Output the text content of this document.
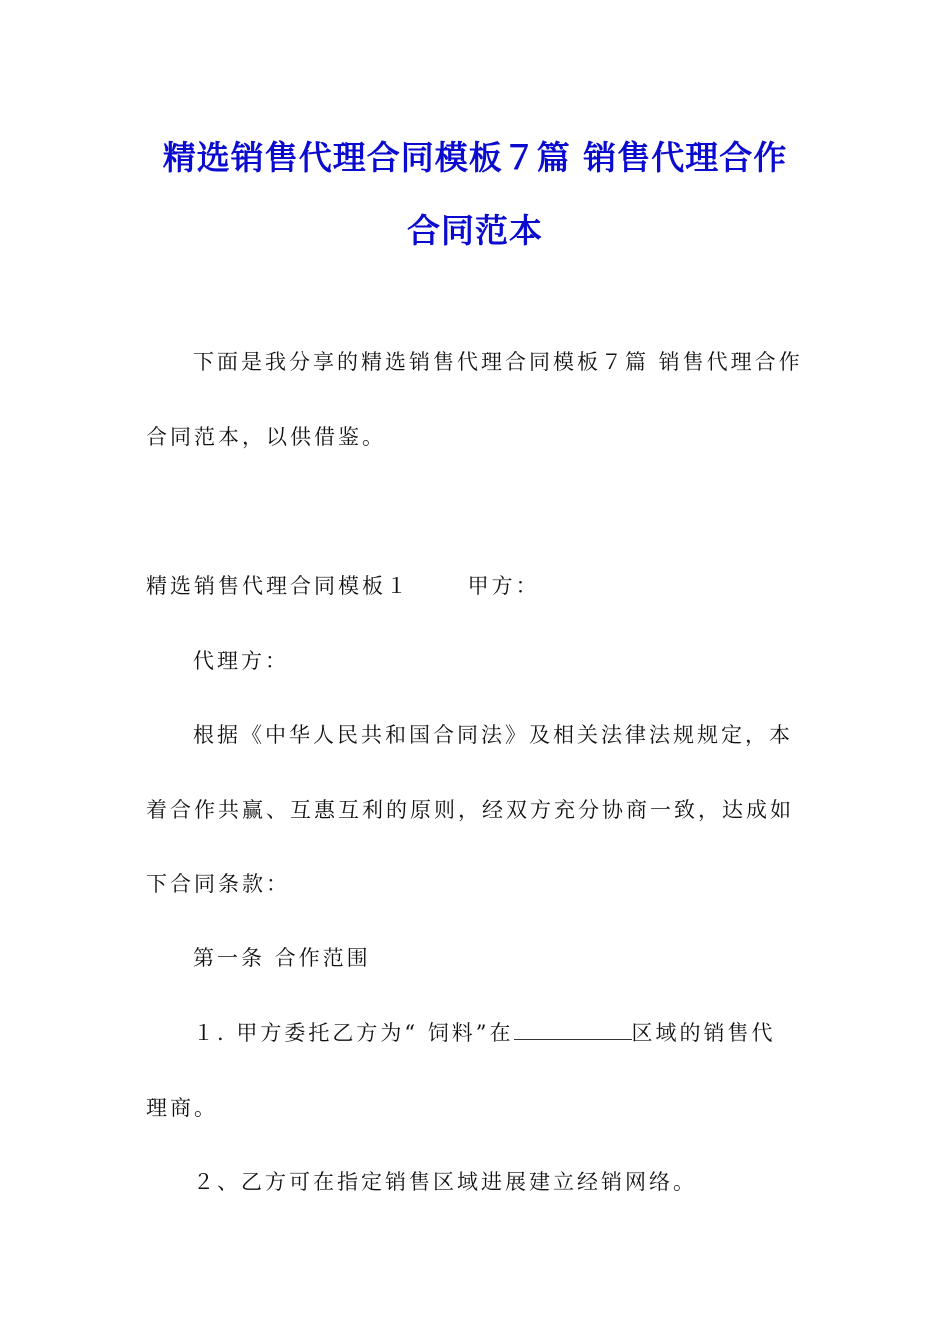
精选销售代理合同模板７篇 销售代理合作
合同范本
下面是我分享的精选销售代理合同模板７篇 销售代理合作
合同范本，以供借鉴。
精选销售代理合同模板１　　 甲方：
代理方：
根据《中华人民共和国合同法》及相关法律法规规定，本
着合作共赢、互惠互利的原则，经双方充分协商一致，达成如
下合同条款：
第一条 合作范围
１. 甲方委托乙方为“ 饲料”在	区域的销售代
理商。
２、乙方可在指定销售区域进展建立经销网络。
